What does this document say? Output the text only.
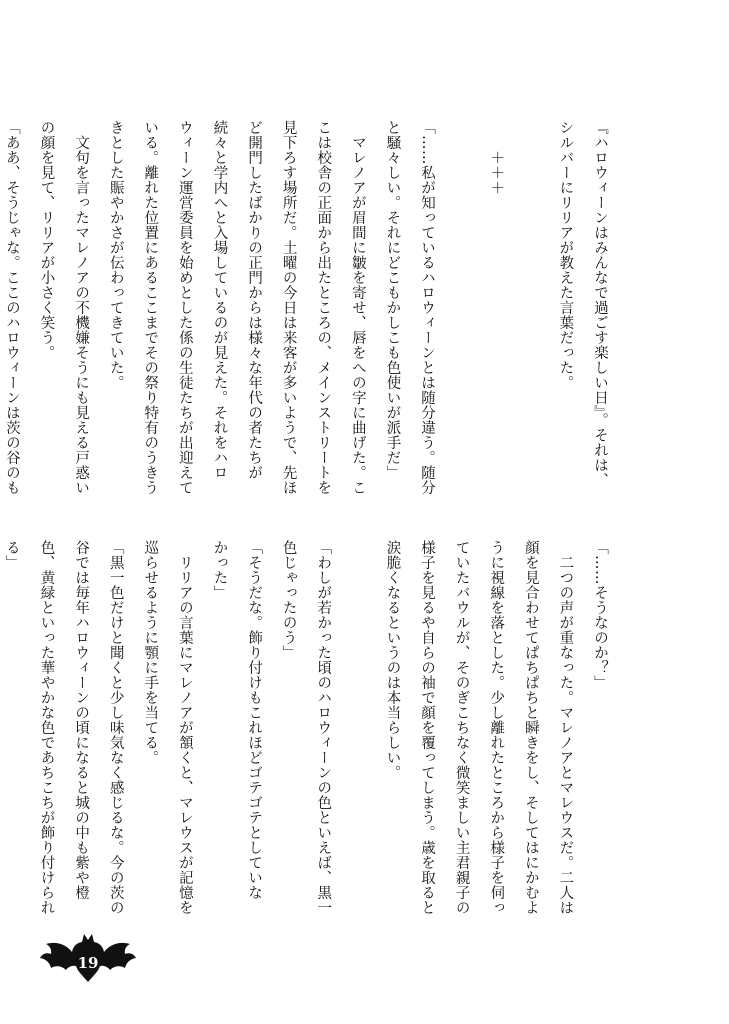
『ハロウィーンはみんなで過ごす楽しい日』。それは、

シルバーにリリアが教えた言葉だった。

　　＋＋＋

「……私が知っているハロウィーンとは随分違う。随分

と騒々しい。それにどこもかしこも色使いが派手だ」

　マレノアが眉間に皺を寄せ、唇をへの字に曲げた。こ

こは校舎の正面から出たところの、メインストリートを

見下ろす場所だ。土曜の今日は来客が多いようで、先ほ

ど開門したばかりの正門からは様々な年代の者たちが

続々と学内へと入場しているのが見えた。それをハロ

ウィーン運営委員を始めとした係の生徒たちが出迎えて

いる。離れた位置にあるここまでその祭り特有のうきう

きとした賑やかさが伝わってきていた。

　文句を言ったマレノアの不機嫌そうにも見える戸惑い

の顔を見て、リリアが小さく笑う。

「ああ、そうじゃな。ここのハロウィーンは茨の谷のも

「……そうなのか？」

　二つの声が重なった。マレノアとマレウスだ。二人は

顔を見合わせてぱちぱちと瞬きをし、そしてはにかむよ

うに視線を落とした。少し離れたところから様子を伺っ

ていたバウルが、そのぎこちなく微笑ましい主君親子の

様子を見るや自らの袖で顔を覆ってしまう。歳を取ると

涙脆くなるというのは本当らしい。

「わしが若かった頃のハロウィーンの色といえば、黒一

色じゃったのう」

「そうだな。飾り付けもこれほどゴテゴテとしていな

かった」

　リリアの言葉にマレノアが頷くと、マレウスが記憶を

巡らせるように顎に手を当てる。

「黒一色だけと聞くと少し味気なく感じるな。今の茨の

谷では毎年ハロウィーンの頃になると城の中も紫や橙

色、黄緑といった華やかな色であちこちが飾り付けられ

る」

19
